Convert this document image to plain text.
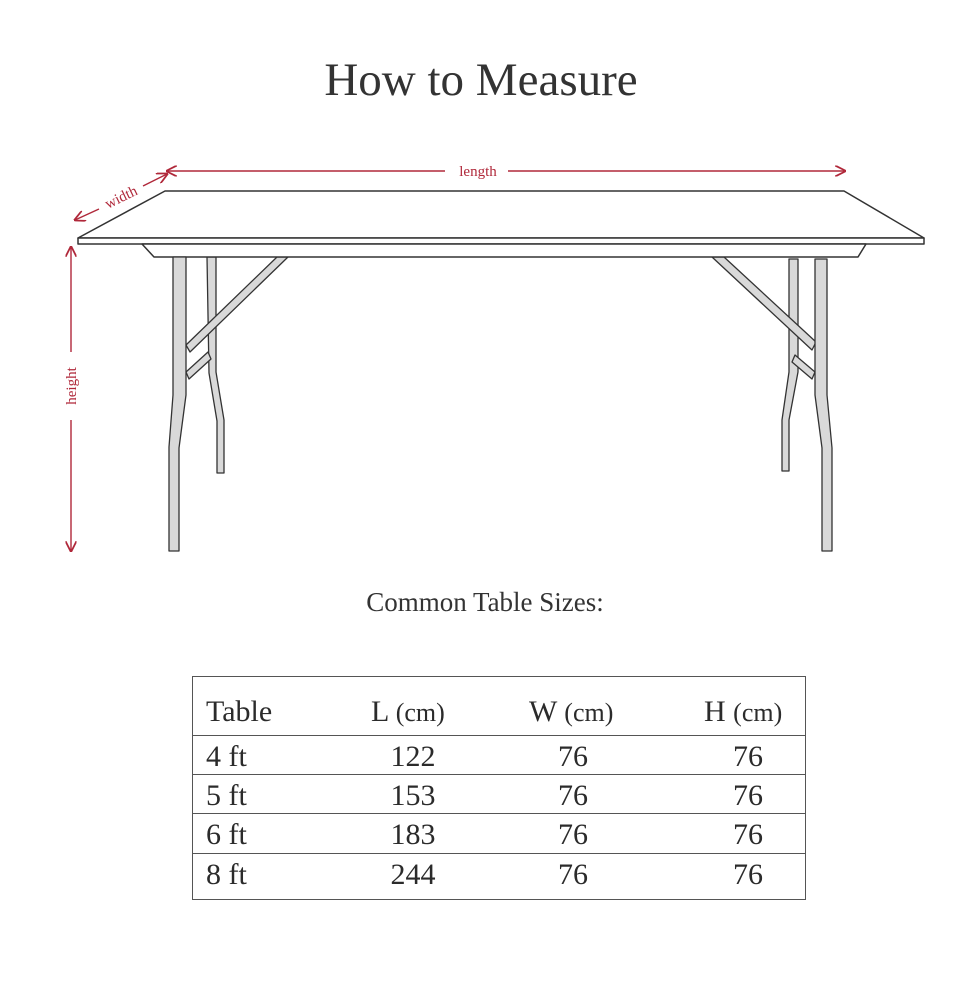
How to Measure
length
width
height
Common Table Sizes:
Table	L (cm)	W (cm)	H (cm)
4 ft	122	76	76
5 ft	153	76	76
6 ft	183	76	76
8 ft	244	76	76
